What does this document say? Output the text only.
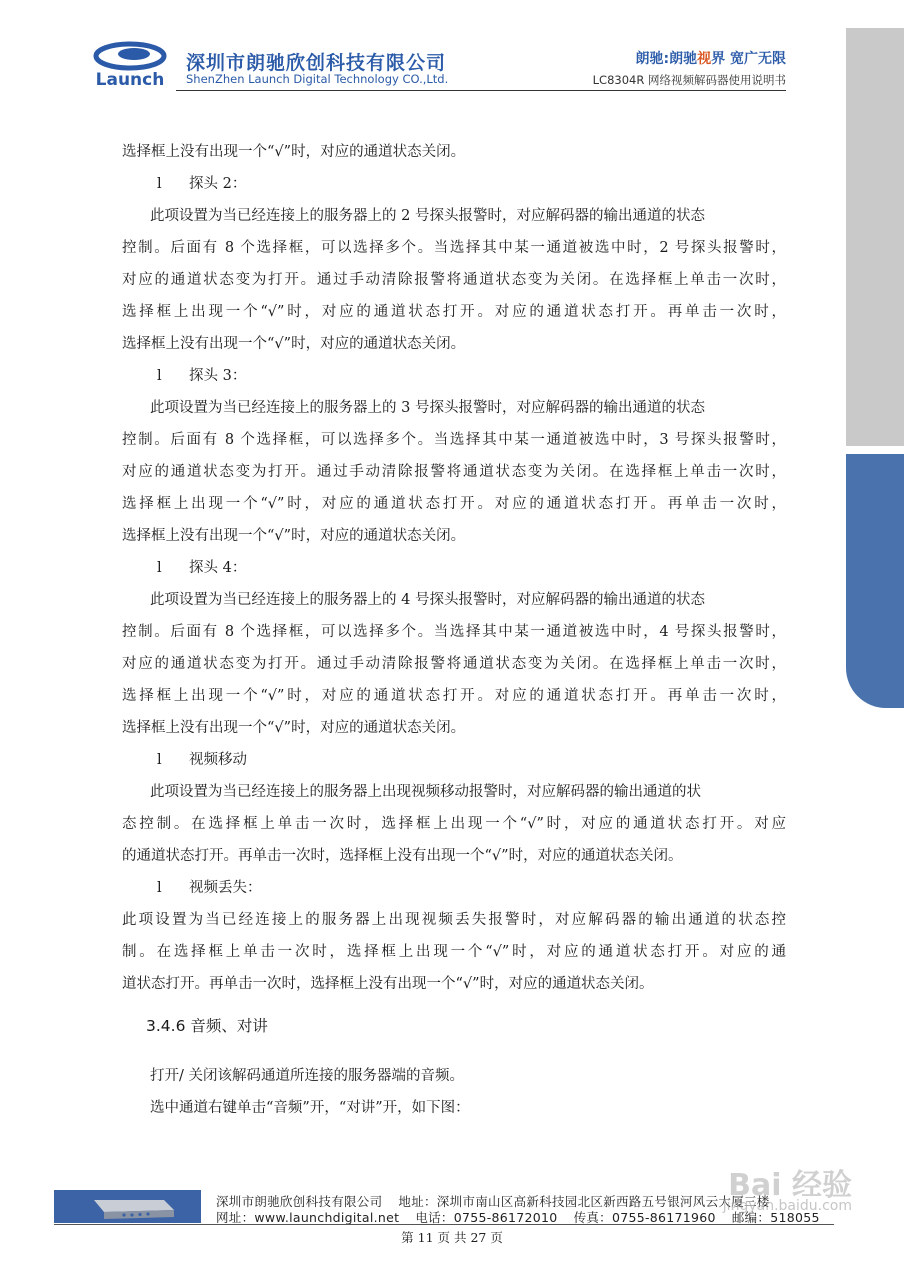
Launch
深圳市朗驰欣创科技有限公司
ShenZhen Launch Digital Technology CO.,Ltd.
朗驰:朗驰视界 宽广无限
LC8304R 网络视频解码器使用说明书
选择框上没有出现一个“√”时，对应的通道状态关闭。
l 探头 2：
此项设置为当已经连接上的服务器上的 2 号探头报警时，对应解码器的输出通道的状态
控制。后面有 8 个选择框，可以选择多个。当选择其中某一通道被选中时，2 号探头报警时，
对应的通道状态变为打开。通过手动清除报警将通道状态变为关闭。在选择框上单击一次时，
选择框上出现一个“√”时，对应的通道状态打开。对应的通道状态打开。再单击一次时，
选择框上没有出现一个“√”时，对应的通道状态关闭。
l 探头 3：
此项设置为当已经连接上的服务器上的 3 号探头报警时，对应解码器的输出通道的状态
控制。后面有 8 个选择框，可以选择多个。当选择其中某一通道被选中时，3 号探头报警时，
对应的通道状态变为打开。通过手动清除报警将通道状态变为关闭。在选择框上单击一次时，
选择框上出现一个“√”时，对应的通道状态打开。对应的通道状态打开。再单击一次时，
选择框上没有出现一个“√”时，对应的通道状态关闭。
l 探头 4：
此项设置为当已经连接上的服务器上的 4 号探头报警时，对应解码器的输出通道的状态
控制。后面有 8 个选择框，可以选择多个。当选择其中某一通道被选中时，4 号探头报警时，
对应的通道状态变为打开。通过手动清除报警将通道状态变为关闭。在选择框上单击一次时，
选择框上出现一个“√”时，对应的通道状态打开。对应的通道状态打开。再单击一次时，
选择框上没有出现一个“√”时，对应的通道状态关闭。
l 视频移动
此项设置为当已经连接上的服务器上出现视频移动报警时，对应解码器的输出通道的状
态控制。在选择框上单击一次时，选择框上出现一个“√”时，对应的通道状态打开。对应
的通道状态打开。再单击一次时，选择框上没有出现一个“√”时，对应的通道状态关闭。
l 视频丢失：
此项设置为当已经连接上的服务器上出现视频丢失报警时，对应解码器的输出通道的状态控
制。在选择框上单击一次时，选择框上出现一个“√”时，对应的通道状态打开。对应的通
道状态打开。再单击一次时，选择框上没有出现一个“√”时，对应的通道状态关闭。
3.4.6 音频、对讲
打开/ 关闭该解码通道所连接的服务器端的音频。
选中通道右键单击“音频”开，“对讲”开，如下图：
深圳市朗驰欣创科技有限公司 地址：深圳市南山区高新科技园北区新西路五号银河风云大厦三楼
网址：www.launchdigital.net 电话：0755-86172010 传真：0755-86171960 邮编：518055
第 11 页 共 27 页
Bai 经验
jingyan.baidu.com
